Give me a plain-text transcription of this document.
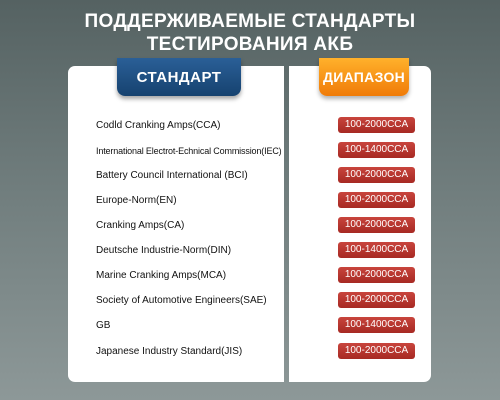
ПОДДЕРЖИВАЕМЫЕ СТАНДАРТЫ
ТЕСТИРОВАНИЯ АКБ
СТАНДАРТ	ДИАПАЗОН
Codld Cranking Amps(CCA)	100-2000CCA
International Electrot-Echnical Commission(IEC)	100-1400CCA
Battery Council International (BCI)	100-2000CCA
Europe-Norm(EN)	100-2000CCA
Cranking Amps(CA)	100-2000CCA
Deutsche Industrie-Norm(DIN)	100-1400CCA
Marine Cranking Amps(MCA)	100-2000CCA
Society of Automotive Engineers(SAE)	100-2000CCA
GB	100-1400CCA
Japanese Industry Standard(JIS)	100-2000CCA
